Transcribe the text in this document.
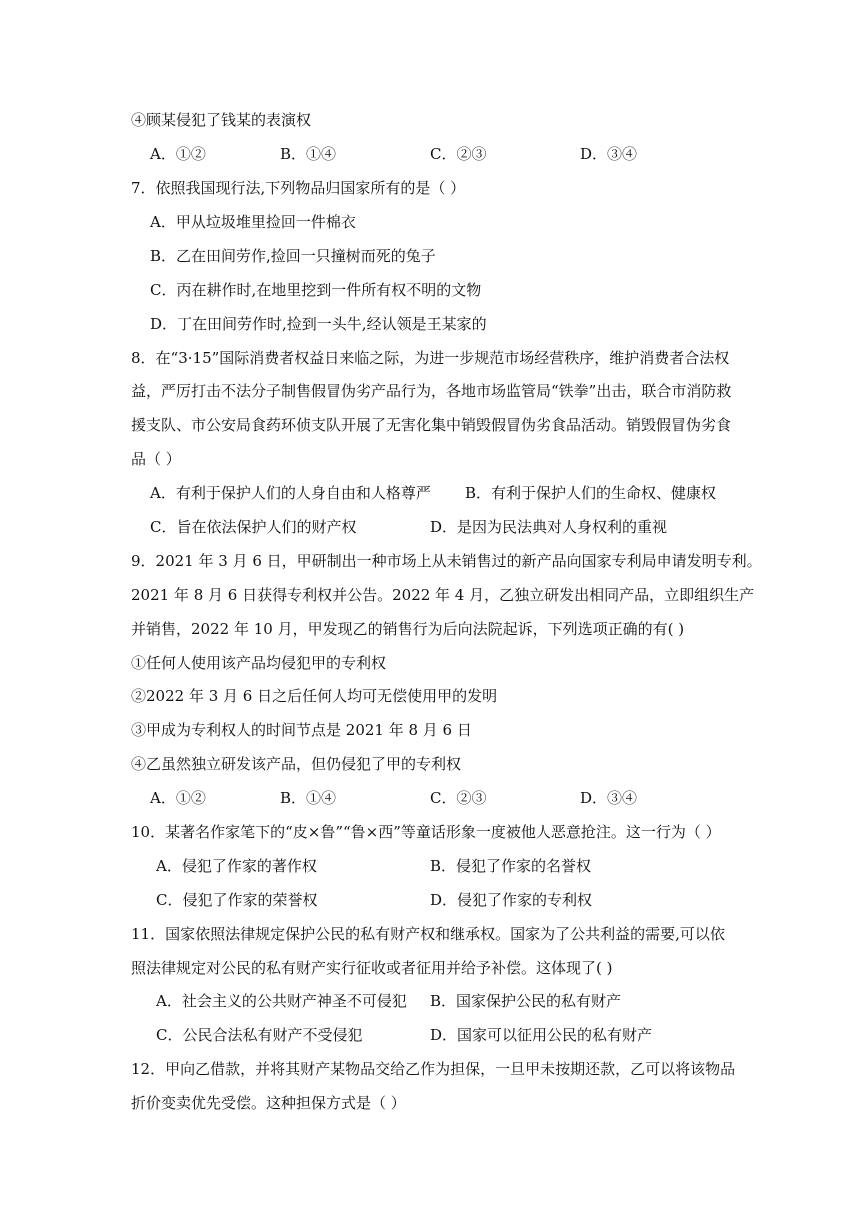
④顾某侵犯了钱某的表演权
A．①②	B．①④	C．②③	D．③④
7．依照我国现行法,下列物品归国家所有的是（ ）
A．甲从垃圾堆里捡回一件棉衣
B．乙在田间劳作,捡回一只撞树而死的兔子
C．丙在耕作时,在地里挖到一件所有权不明的文物
D．丁在田间劳作时,捡到一头牛,经认领是王某家的
8．在“3·15”国际消费者权益日来临之际，为进一步规范市场经营秩序，维护消费者合法权
益，严厉打击不法分子制售假冒伪劣产品行为，各地市场监管局“铁拳”出击，联合市消防救
援支队、市公安局食药环侦支队开展了无害化集中销毁假冒伪劣食品活动。销毁假冒伪劣食
品（ ）
A．有利于保护人们的人身自由和人格尊严 B．有利于保护人们的生命权、健康权
C．旨在依法保护人们的财产权	D．是因为民法典对人身权利的重视
9．2021 年 3 月 6 日，甲研制出一种市场上从未销售过的新产品向国家专利局申请发明专利。
2021 年 8 月 6 日获得专利权并公告。2022 年 4 月，乙独立研发出相同产品，立即组织生产
并销售，2022 年 10 月，甲发现乙的销售行为后向法院起诉，下列选项正确的有( )
①任何人使用该产品均侵犯甲的专利权
②2022 年 3 月 6 日之后任何人均可无偿使用甲的发明
③甲成为专利权人的时间节点是 2021 年 8 月 6 日
④乙虽然独立研发该产品，但仍侵犯了甲的专利权
A．①②	B．①④	C．②③	D．③④
10．某著名作家笔下的“皮×鲁”“鲁×西”等童话形象一度被他人恶意抢注。这一行为（ ）
A．侵犯了作家的著作权	B．侵犯了作家的名誉权
C．侵犯了作家的荣誉权	D．侵犯了作家的专利权
11．国家依照法律规定保护公民的私有财产权和继承权。国家为了公共利益的需要,可以依
照法律规定对公民的私有财产实行征收或者征用并给予补偿。这体现了( )
A．社会主义的公共财产神圣不可侵犯 B．国家保护公民的私有财产
C．公民合法私有财产不受侵犯	D．国家可以征用公民的私有财产
12．甲向乙借款，并将其财产某物品交给乙作为担保，一旦甲未按期还款，乙可以将该物品
折价变卖优先受偿。这种担保方式是（ ）
